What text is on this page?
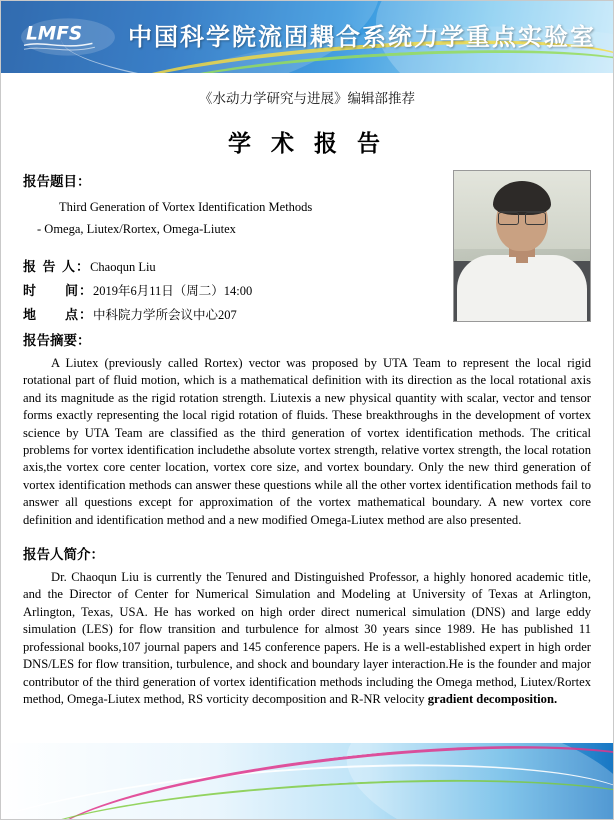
LMFS 中国科学院流固耦合系统力学重点实验室
《水动力学研究与进展》编辑部推荐
学 术 报 告
报告题目：
Third Generation of Vortex Identification Methods
- Omega, Liutex/Rortex, Omega-Liutex
报 告 人：Chaoqun Liu
时　　间：2019年6月11日（周二）14:00
地　　点：中科院力学所会议中心207
报告摘要：

A Liutex (previously called Rortex) vector was proposed by UTA Team to represent the local rigid rotational part of fluid motion, which is a mathematical definition with its direction as the local rotational axis and its magnitude as the rigid rotation strength. Liutexis a new physical quantity with scalar, vector and tensor forms exactly representing the local rigid rotation of fluids. These breakthroughs in the development of vortex science by UTA Team are classified as the third generation of vortex identification methods. The critical problems for vortex identification includethe absolute vortex strength, relative vortex strength, the local rotation axis,the vortex core center location, vortex core size, and vortex boundary. Only the new third generation of vortex identification methods can answer these questions while all the other vortex identification methods fail to answer all questions except for approximation of the vortex mathematical boundary. A new vortex core definition and identification method and a new modified Omega-Liutex method are also presented.

报告人简介：

Dr. Chaoqun Liu is currently the Tenured and Distinguished Professor, a highly honored academic title, and the Director of Center for Numerical Simulation and Modeling at University of Texas at Arlington, Arlington, Texas, USA. He has worked on high order direct numerical simulation (DNS) and large eddy simulation (LES) for flow transition and turbulence for almost 30 years since 1989. He has published 11 professional books,107 journal papers and 145 conference papers. He is a well-established expert in high order DNS/LES for flow transition, turbulence, and shock and boundary layer interaction.He is the founder and major contributor of the third generation of vortex identification methods including the Omega method, Liutex/Rortex method, Omega-Liutex method, RS vorticity decomposition and R-NR velocity gradient decomposition.
